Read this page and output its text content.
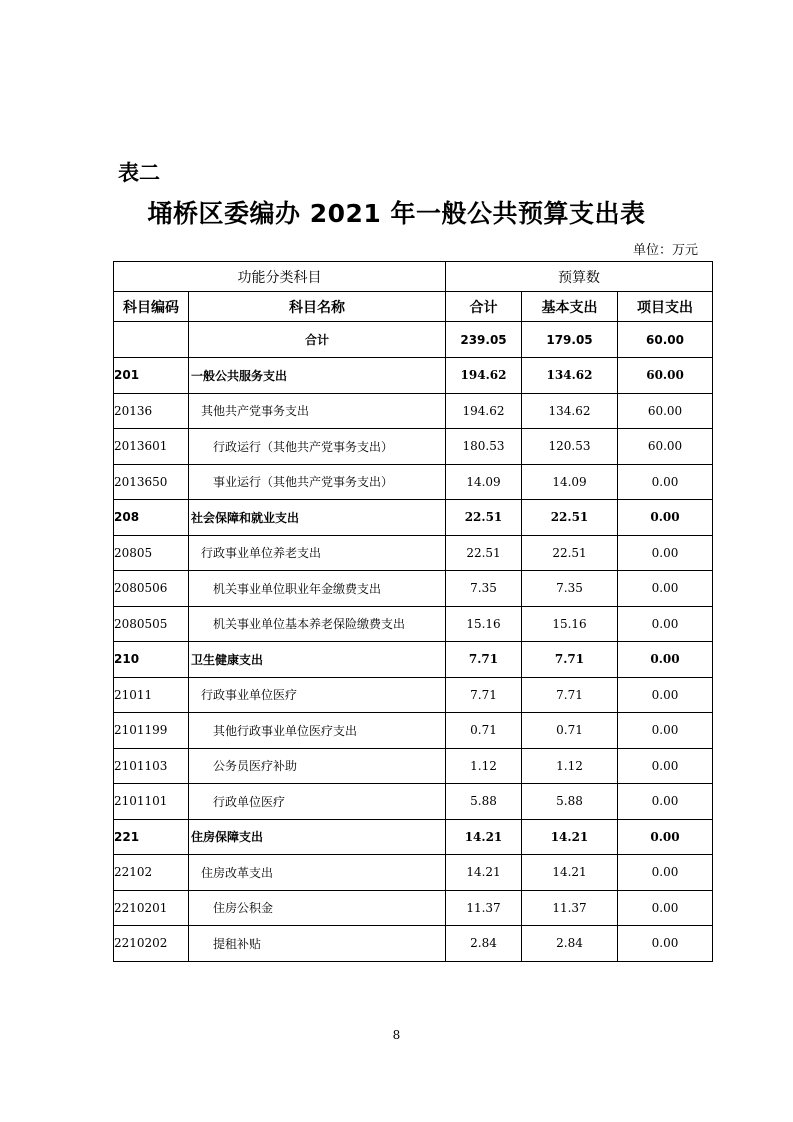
表二
埇桥区委编办 2021 年一般公共预算支出表
单位：万元
功能分类科目		预算数		
科目编码	科目名称	合计	基本支出	项目支出
	合计	239.05	179.05	60.00
201	一般公共服务支出	194.62	134.62	60.00
20136	其他共产党事务支出	194.62	134.62	60.00
2013601	行政运行（其他共产党事务支出）	180.53	120.53	60.00
2013650	事业运行（其他共产党事务支出）	14.09	14.09	0.00
208	社会保障和就业支出	22.51	22.51	0.00
20805	行政事业单位养老支出	22.51	22.51	0.00
2080506	机关事业单位职业年金缴费支出	7.35	7.35	0.00
2080505	机关事业单位基本养老保险缴费支出	15.16	15.16	0.00
210	卫生健康支出	7.71	7.71	0.00
21011	行政事业单位医疗	7.71	7.71	0.00
2101199	其他行政事业单位医疗支出	0.71	0.71	0.00
2101103	公务员医疗补助	1.12	1.12	0.00
2101101	行政单位医疗	5.88	5.88	0.00
221	住房保障支出	14.21	14.21	0.00
22102	住房改革支出	14.21	14.21	0.00
2210201	住房公积金	11.37	11.37	0.00
2210202	提租补贴	2.84	2.84	0.00
8
